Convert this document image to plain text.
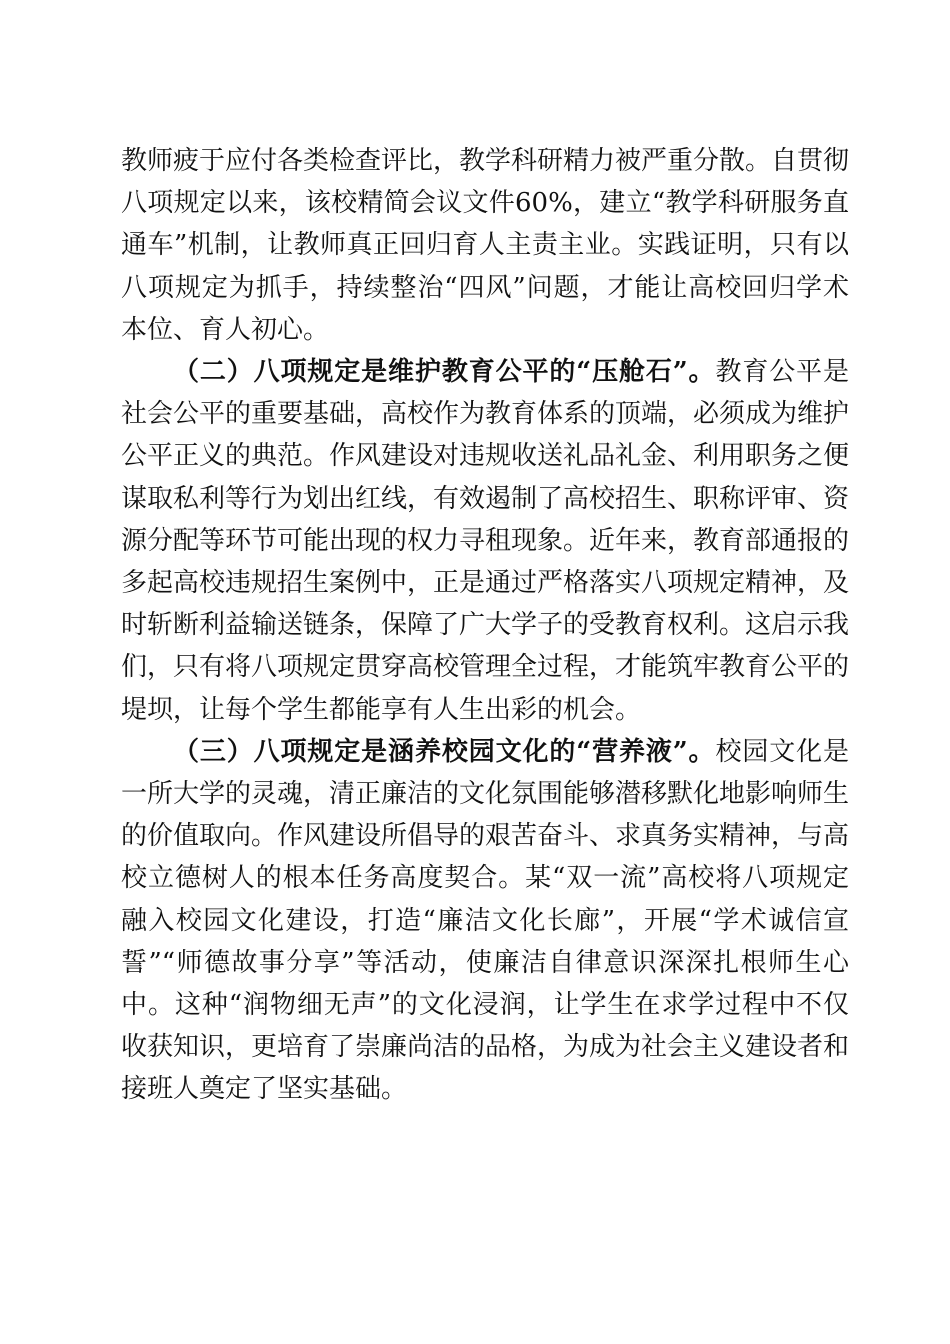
教师疲于应付各类检查评比，教学科研精力被严重分散。自贯彻八项规定以来，该校精简会议文件60%，建立“教学科研服务直通车”机制，让教师真正回归育人主责主业。实践证明，只有以八项规定为抓手，持续整治“四风”问题，才能让高校回归学术本位、育人初心。

（二）八项规定是维护教育公平的“压舱石”。教育公平是社会公平的重要基础，高校作为教育体系的顶端，必须成为维护公平正义的典范。作风建设对违规收送礼品礼金、利用职务之便谋取私利等行为划出红线，有效遏制了高校招生、职称评审、资源分配等环节可能出现的权力寻租现象。近年来，教育部通报的多起高校违规招生案例中，正是通过严格落实八项规定精神，及时斩断利益输送链条，保障了广大学子的受教育权利。这启示我们，只有将八项规定贯穿高校管理全过程，才能筑牢教育公平的堤坝，让每个学生都能享有人生出彩的机会。

（三）八项规定是涵养校园文化的“营养液”。校园文化是一所大学的灵魂，清正廉洁的文化氛围能够潜移默化地影响师生的价值取向。作风建设所倡导的艰苦奋斗、求真务实精神，与高校立德树人的根本任务高度契合。某“双一流”高校将八项规定融入校园文化建设，打造“廉洁文化长廊”，开展“学术诚信宣誓”“师德故事分享”等活动，使廉洁自律意识深深扎根师生心中。这种“润物细无声”的文化浸润，让学生在求学过程中不仅收获知识，更培育了崇廉尚洁的品格，为成为社会主义建设者和接班人奠定了坚实基础。
